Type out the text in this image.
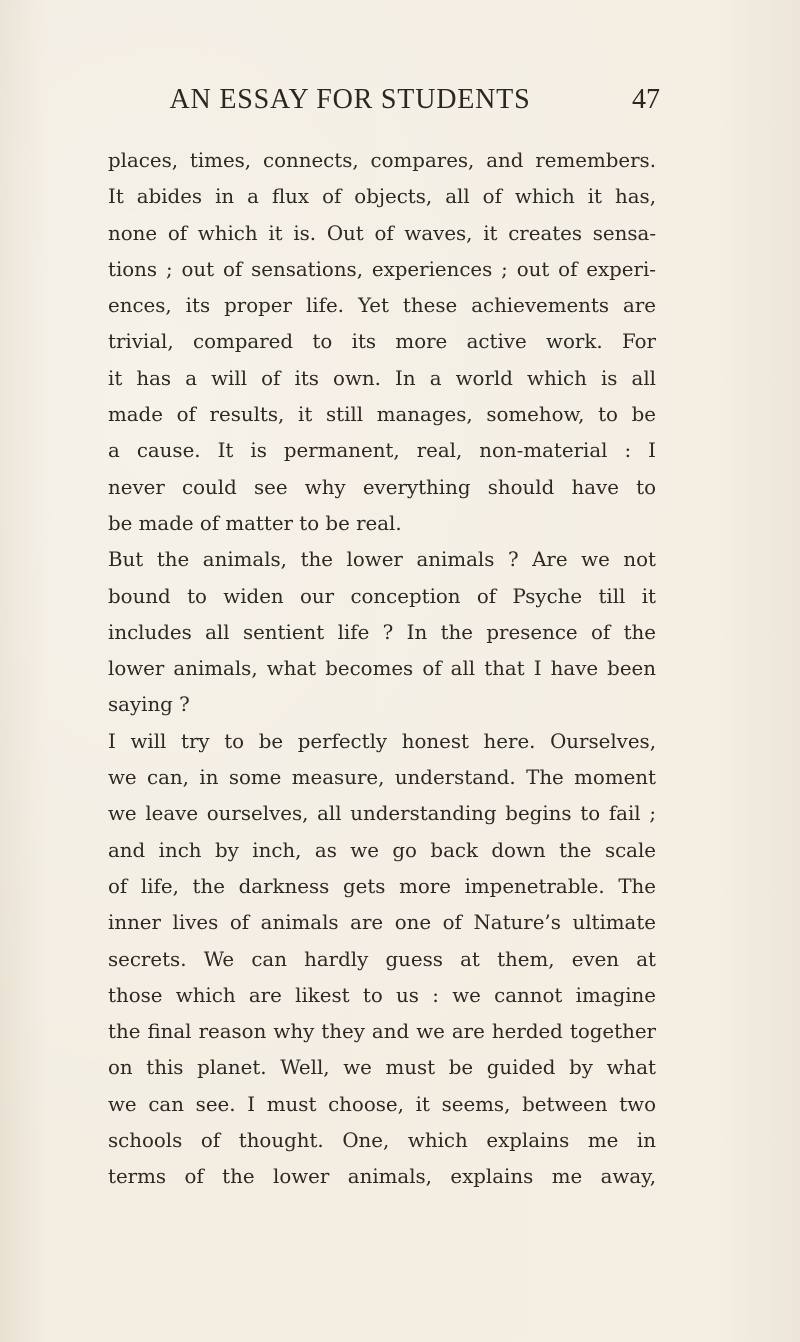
AN ESSAY FOR STUDENTS	47
places, times, connects, compares, and remembers.
It abides in a flux of objects, all of which it has,
none of which it is. Out of waves, it creates sensa-
tions ; out of sensations, experiences ; out of experi-
ences, its proper life. Yet these achievements are
trivial, compared to its more active work. For
it has a will of its own. In a world which is all
made of results, it still manages, somehow, to be
a cause. It is permanent, real, non-material : I
never could see why everything should have to
be made of matter to be real.
But the animals, the lower animals ? Are we not
bound to widen our conception of Psyche till it
includes all sentient life ? In the presence of the
lower animals, what becomes of all that I have been
saying ?
I will try to be perfectly honest here. Ourselves,
we can, in some measure, understand. The moment
we leave ourselves, all understanding begins to fail ;
and inch by inch, as we go back down the scale
of life, the darkness gets more impenetrable. The
inner lives of animals are one of Nature’s ultimate
secrets. We can hardly guess at them, even at
those which are likest to us : we cannot imagine
the final reason why they and we are herded together
on this planet. Well, we must be guided by what
we can see. I must choose, it seems, between two
schools of thought. One, which explains me in
terms of the lower animals, explains me away,
